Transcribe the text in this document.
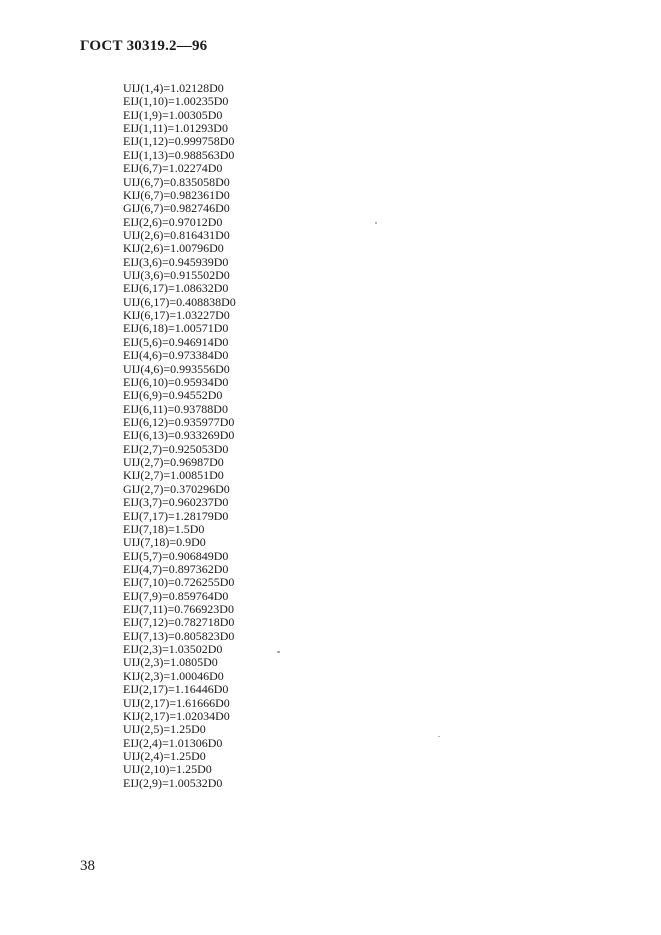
ГОСТ 30319.2—96
UIJ(1,4)=1.02128D0
EIJ(1,10)=1.00235D0
EIJ(1,9)=1.00305D0
EIJ(1,11)=1.01293D0
EIJ(1,12)=0.999758D0
EIJ(1,13)=0.988563D0
EIJ(6,7)=1.02274D0
UIJ(6,7)=0.835058D0
KIJ(6,7)=0.982361D0
GIJ(6,7)=0.982746D0
EIJ(2,6)=0.97012D0
UIJ(2,6)=0.816431D0
KIJ(2,6)=1.00796D0
EIJ(3,6)=0.945939D0
UIJ(3,6)=0.915502D0
EIJ(6,17)=1.08632D0
UIJ(6,17)=0.408838D0
KIJ(6,17)=1.03227D0
EIJ(6,18)=1.00571D0
EIJ(5,6)=0.946914D0
EIJ(4,6)=0.973384D0
UIJ(4,6)=0.993556D0
EIJ(6,10)=0.95934D0
EIJ(6,9)=0.94552D0
EIJ(6,11)=0.93788D0
EIJ(6,12)=0.935977D0
EIJ(6,13)=0.933269D0
EIJ(2,7)=0.925053D0
UIJ(2,7)=0.96987D0
KIJ(2,7)=1.00851D0
GIJ(2,7)=0.370296D0
EIJ(3,7)=0.960237D0
EIJ(7,17)=1.28179D0
EIJ(7,18)=1.5D0
UIJ(7,18)=0.9D0
EIJ(5,7)=0.906849D0
EIJ(4,7)=0.897362D0
EIJ(7,10)=0.726255D0
EIJ(7,9)=0.859764D0
EIJ(7,11)=0.766923D0
EIJ(7,12)=0.782718D0
EIJ(7,13)=0.805823D0
EIJ(2,3)=1.03502D0
UIJ(2,3)=1.0805D0
KIJ(2,3)=1.00046D0
EIJ(2,17)=1.16446D0
UIJ(2,17)=1.61666D0
KIJ(2,17)=1.02034D0
UIJ(2,5)=1.25D0
EIJ(2,4)=1.01306D0
UIJ(2,4)=1.25D0
UIJ(2,10)=1.25D0
EIJ(2,9)=1.00532D0
38
